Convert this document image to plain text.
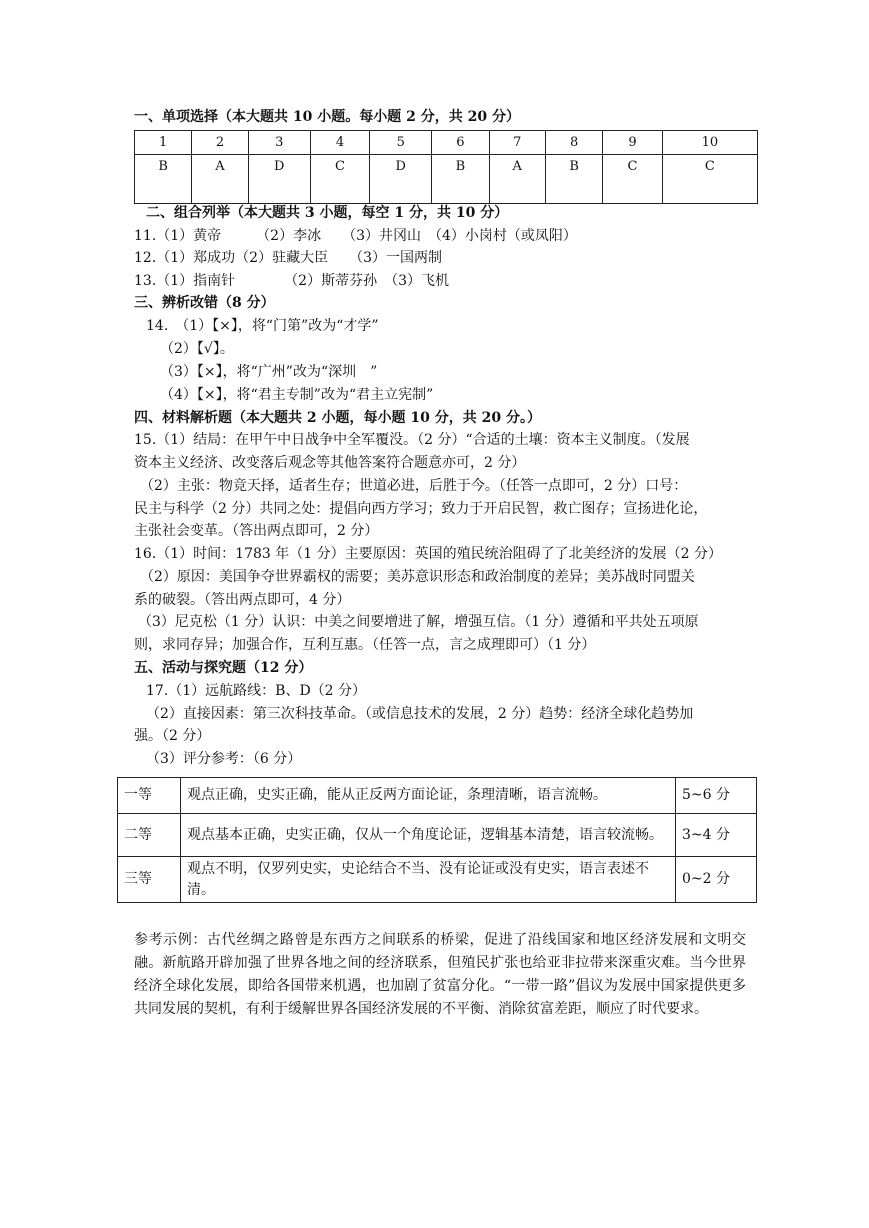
一、单项选择（本大题共 10 小题。每小题 2 分，共 20 分）
1	2	3	4	5	6	7	8	9	10
B	A	D	C	D	B	A	B	C	C
二、组合列举（本大题共 3 小题，每空 1 分，共 10 分）
11.（1）黄帝　　　（2）李冰　　（3）井冈山　（4）小岗村（或凤阳）
12.（1）郑成功（2）驻藏大臣　　（3）一国两制
13.（1）指南针　　　　（2）斯蒂芬孙　（3）飞机
三、辨析改错（8 分）
14.　（1）【×】，将“门第”改为“才学”
（2）【√】。
（3）【×】，将“广州”改为“深圳　”
（4）【×】，将“君主专制”改为“君主立宪制”
四、材料解析题（本大题共 2 小题，每小题 10 分，共 20 分。）
15.（1）结局：在甲午中日战争中全军覆没。（2 分）“合适的土壤：资本主义制度。（发展
资本主义经济、改变落后观念等其他答案符合题意亦可，2 分）
（2）主张：物竞天择，适者生存；世道必进，后胜于今。（任答一点即可，2 分）口号：
民主与科学（2 分）共同之处：提倡向西方学习；致力于开启民智，救亡图存；宣扬进化论，
主张社会变革。（答出两点即可，2 分）
16.（1）时间：1783 年（1 分）主要原因：英国的殖民统治阻碍了了北美经济的发展（2 分）
（2）原因：美国争夺世界霸权的需要；美苏意识形态和政治制度的差异；美苏战时同盟关
系的破裂。（答出两点即可，4 分）
（3）尼克松（1 分）认识：中美之间要增进了解，增强互信。（1 分）遵循和平共处五项原
则，求同存异；加强合作，互利互惠。（任答一点，言之成理即可）（1 分）
五、活动与探究题（12 分）
17.（1）远航路线：B、D（2 分）
（2）直接因素：第三次科技革命。（或信息技术的发展，2 分）趋势：经济全球化趋势加
强。（2 分）
（3）评分参考：（6 分）
一等	观点正确，史实正确，能从正反两方面论证，条理清晰，语言流畅。	5~6 分
二等	观点基本正确，史实正确，仅从一个角度论证，逻辑基本清楚，语言较流畅。	3~4 分
三等	观点不明，仅罗列史实，史论结合不当、没有论证或没有史实，语言表述不清。	0~2 分
参考示例：古代丝绸之路曾是东西方之间联系的桥梁，促进了沿线国家和地区经济发展和文明交融。新航路开辟加强了世界各地之间的经济联系，但殖民扩张也给亚非拉带来深重灾难。当今世界经济全球化发展，即给各国带来机遇，也加剧了贫富分化。“一带一路”倡议为发展中国家提供更多共同发展的契机，有利于缓解世界各国经济发展的不平衡、消除贫富差距，顺应了时代要求。
